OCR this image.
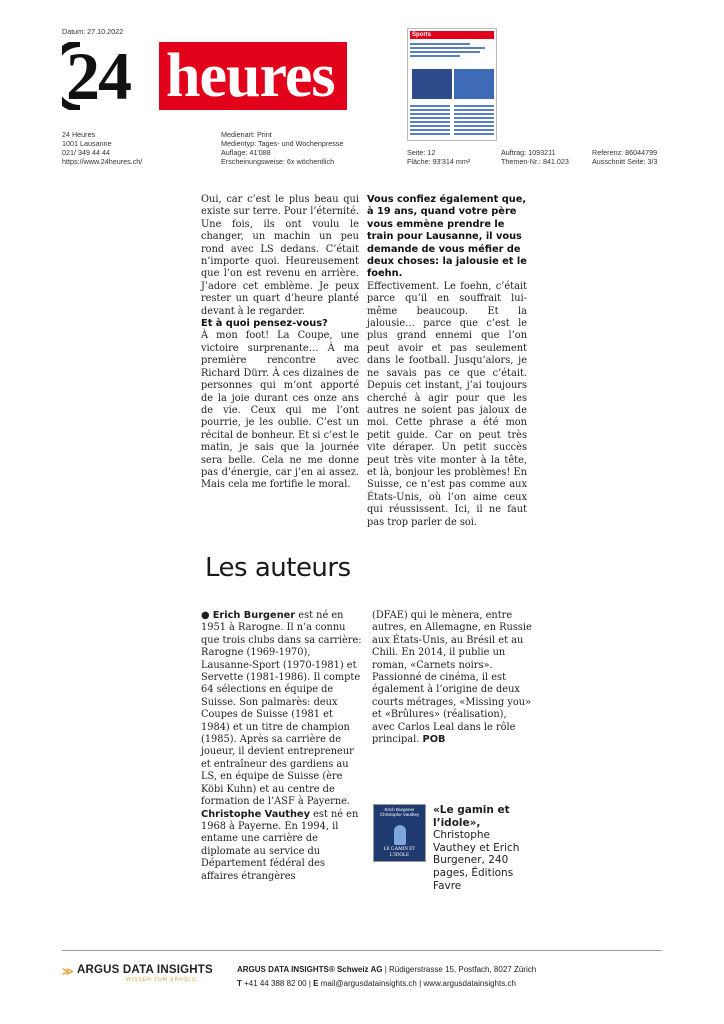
Datum: 27.10.2022
24 heures
Sports
24 Heures
1001 Lausanne
021/ 349 44 44
https://www.24heures.ch/
Medienart: Print
Medientyp: Tages- und Wochenpresse
Auflage: 41'088
Erscheinungsweise: 6x wöchentlich
Seite: 12
Fläche: 93'314 mm²
Auftrag: 1093211
Themen-Nr.: 841.023
Referenz: 86044799
Ausschnitt Seite: 3/3

Oui, car c’est le plus beau qui existe sur terre. Pour l’éternité. Une fois, ils ont voulu le changer, un machin un peu rond avec LS dedans. C’était n’importe quoi. Heureusement que l’on est revenu en arrière. J’adore cet emblème. Je peux rester un quart d’heure planté devant à le regarder.

Et à quoi pensez-vous?

À mon foot! La Coupe, une victoire surprenante… À ma première rencontre avec Richard Dürr. À ces dizaines de personnes qui m’ont apporté de la joie durant ces onze ans de vie. Ceux qui me l’ont pourrie, je les oublie. C’est un récital de bonheur. Et si c’est le matin, je sais que la journée sera belle. Cela ne me donne pas d’énergie, car j’en ai assez. Mais cela me fortifie le moral.

Vous confiez également que, à 19 ans, quand votre père vous emmène prendre le train pour Lausanne, il vous demande de vous méfier de deux choses: la jalousie et le foehn.

Effectivement. Le foehn, c’était parce qu’il en souffrait lui-même beaucoup. Et la jalousie… parce que c’est le plus grand ennemi que l’on peut avoir et pas seulement dans le football. Jusqu’alors, je ne savais pas ce que c’était. Depuis cet instant, j’ai toujours cherché à agir pour que les autres ne soient pas jaloux de moi. Cette phrase a été mon petit guide. Car on peut très vite déraper. Un petit succès peut très vite monter à la tête, et là, bonjour les problèmes! En Suisse, ce n’est pas comme aux États-Unis, où l’on aime ceux qui réussissent. Ici, il ne faut pas trop parler de soi.

Les auteurs
● Erich Burgener est né en 1951 à Rarogne. Il n’a connu que trois clubs dans sa carrière: Rarogne (1969-1970), Lausanne-Sport (1970-1981) et Servette (1981-1986). Il compte 64 sélections en équipe de Suisse. Son palmarès: deux Coupes de Suisse (1981 et 1984) et un titre de champion (1985). Après sa carrière de joueur, il devient entrepreneur et entraîneur des gardiens au LS, en équipe de Suisse (ère Köbi Kuhn) et au centre de formation de l’ASF à Payerne. Christophe Vauthey est né en 1968 à Payerne. En 1994, il entame une carrière de diplomate au service du Département fédéral des affaires étrangères
(DFAE) qui le mènera, entre autres, en Allemagne, en Russie aux États-Unis, au Brésil et au Chili. En 2014, il publie un roman, «Carnets noirs». Passionné de cinéma, il est également à l’origine de deux courts métrages, «Missing you» et «Brûlures» (réalisation), avec Carlos Leal dans le rôle principal. POB
Erich Burgener Christophe Vauthey
LE GAMIN ET L’IDOLE
«Le gamin et l’idole»,
Christophe Vauthey et Erich Burgener, 240 pages, Éditions Favre
≫ ARGUS DATA INSIGHTS
WISSEN ZUM ERFOLG
ARGUS DATA INSIGHTS® Schweiz AG | Rüdigerstrasse 15, Postfach, 8027 Zürich
T +41 44 388 82 00 | E mail@argusdatainsights.ch | www.argusdatainsights.ch
